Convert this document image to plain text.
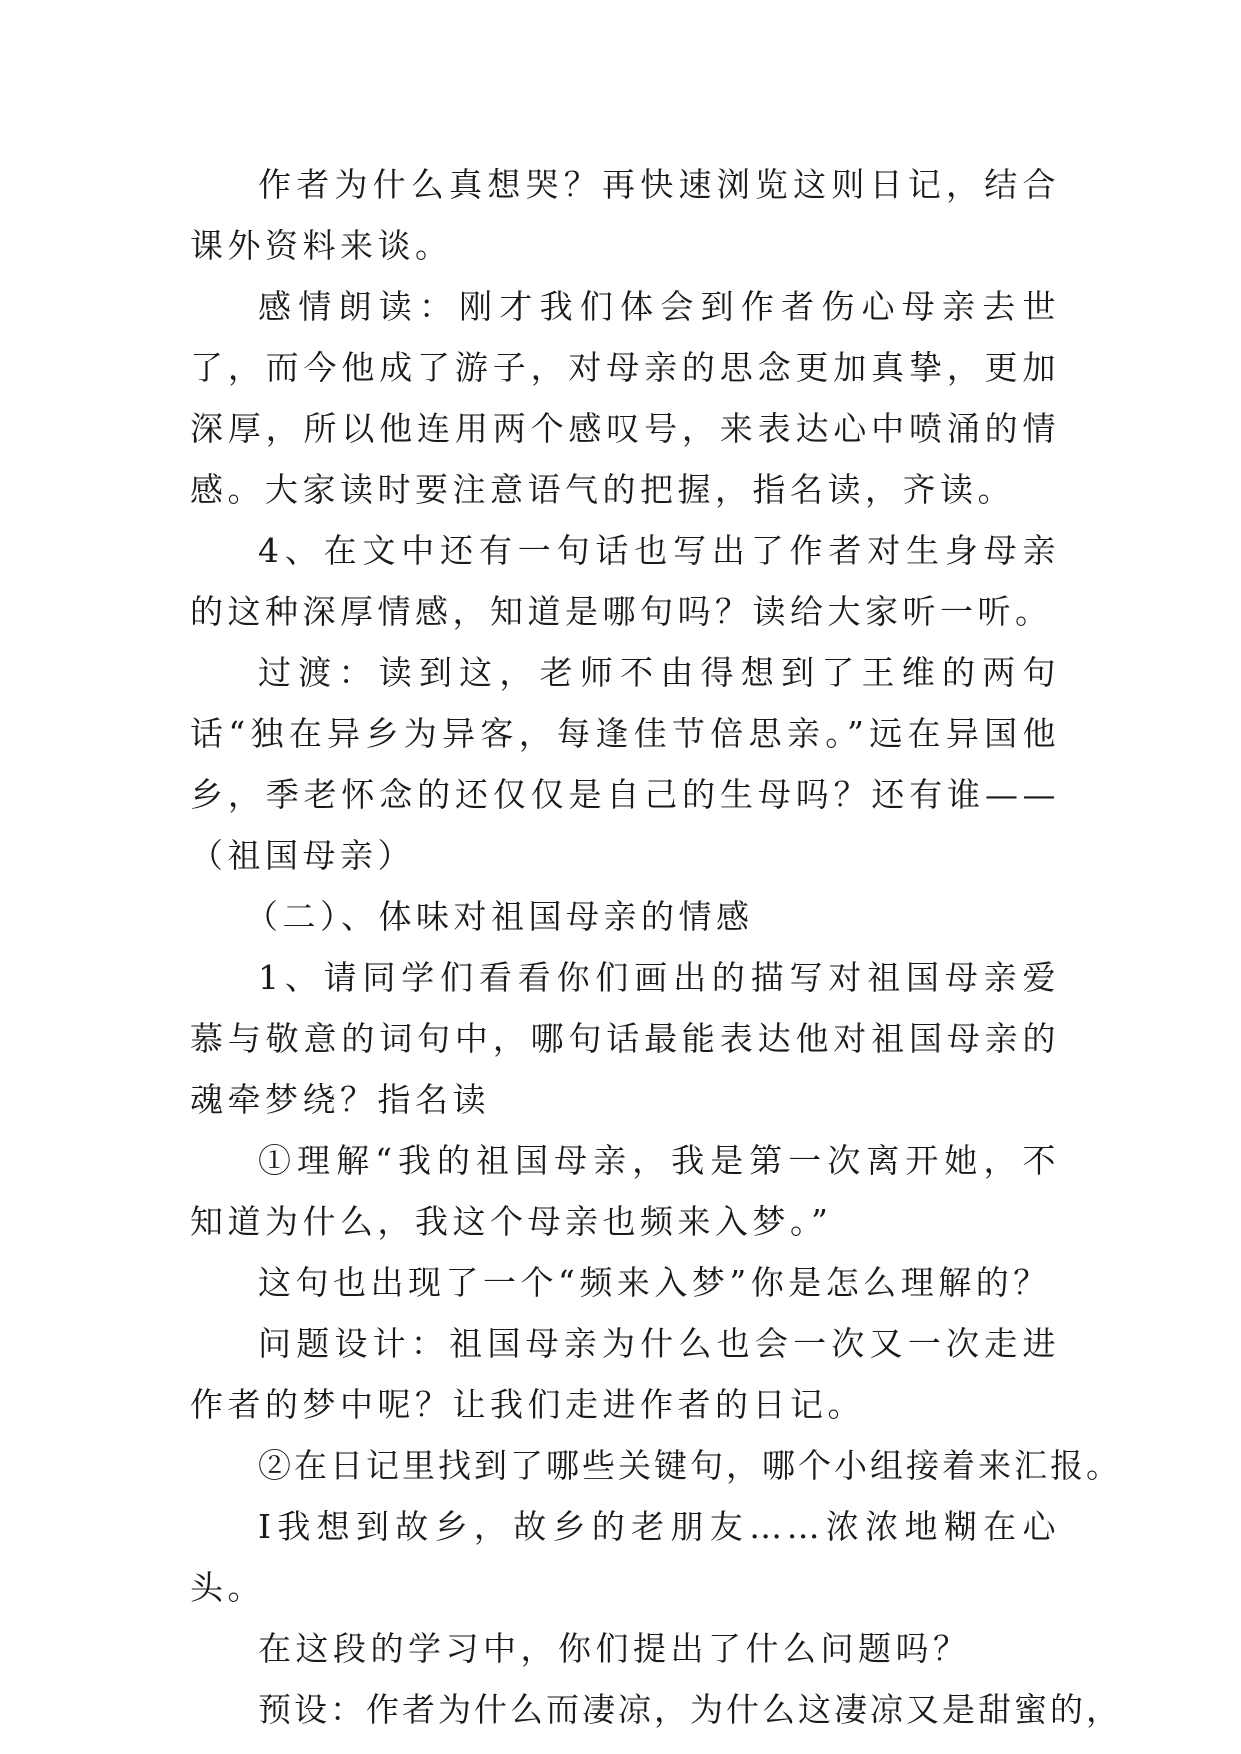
作者为什么真想哭？再快速浏览这则日记，结合课外资料来谈。

感情朗读：刚才我们体会到作者伤心母亲去世了，而今他成了游子，对母亲的思念更加真挚，更加深厚，所以他连用两个感叹号，来表达心中喷涌的情感。大家读时要注意语气的把握，指名读，齐读。

4、在文中还有一句话也写出了作者对生身母亲的这种深厚情感，知道是哪句吗？读给大家听一听。

过渡：读到这，老师不由得想到了王维的两句话“独在异乡为异客，每逢佳节倍思亲。”远在异国他乡，季老怀念的还仅仅是自己的生母吗？还有谁——（祖国母亲）

（二）、体味对祖国母亲的情感

1、请同学们看看你们画出的描写对祖国母亲爱慕与敬意的词句中，哪句话最能表达他对祖国母亲的魂牵梦绕？指名读

①理解“我的祖国母亲，我是第一次离开她，不知道为什么，我这个母亲也频来入梦。”

这句也出现了一个“频来入梦”你是怎么理解的？

问题设计：祖国母亲为什么也会一次又一次走进作者的梦中呢？让我们走进作者的日记。

②在日记里找到了哪些关键句，哪个小组接着来汇报。

Ⅰ我想到故乡，故乡的老朋友……浓浓地糊在心头。

在这段的学习中，你们提出了什么问题吗？

预设：作者为什么而凄凉，为什么这凄凉又是甜蜜的，
